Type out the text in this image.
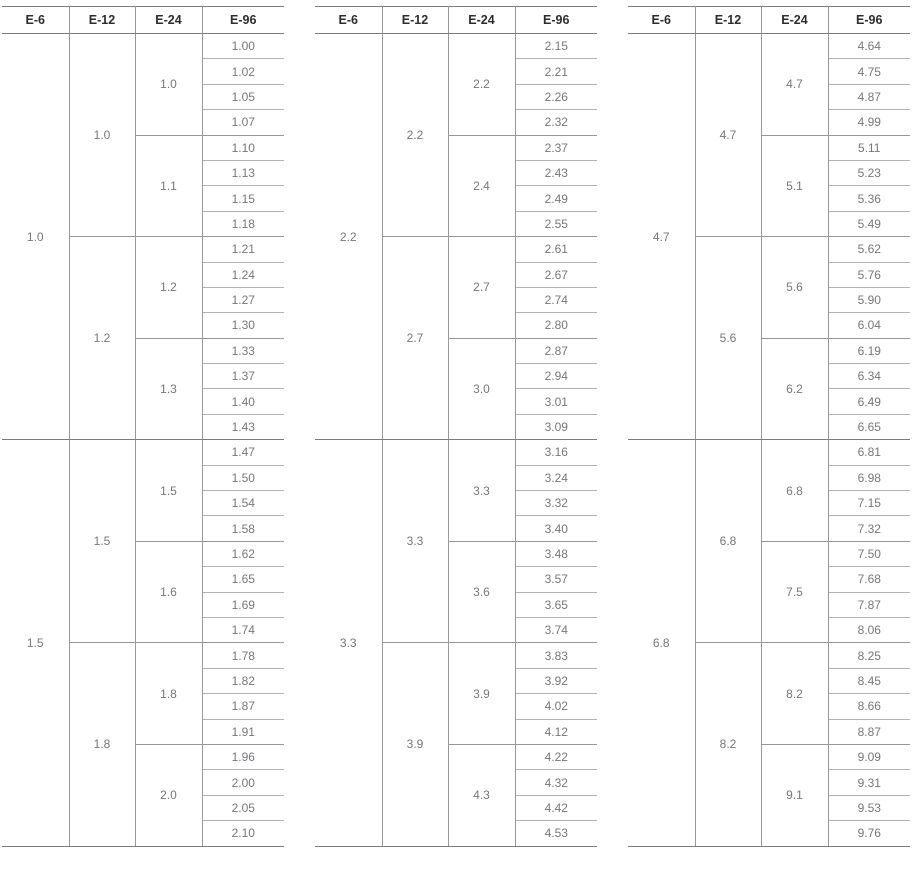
E-6	E-12	E-24	E-96
1.0	1.0	1.0	1.00
			1.02
			1.05
			1.07
		1.1	1.10
			1.13
			1.15
			1.18
	1.2	1.2	1.21
			1.24
			1.27
			1.30
		1.3	1.33
			1.37
			1.40
			1.43
1.5	1.5	1.5	1.47
			1.50
			1.54
			1.58
		1.6	1.62
			1.65
			1.69
			1.74
	1.8	1.8	1.78
			1.82
			1.87
			1.91
		2.0	1.96
			2.00
			2.05
			2.10
E-6	E-12	E-24	E-96
2.2	2.2	2.2	2.15
			2.21
			2.26
			2.32
		2.4	2.37
			2.43
			2.49
			2.55
	2.7	2.7	2.61
			2.67
			2.74
			2.80
		3.0	2.87
			2.94
			3.01
			3.09
3.3	3.3	3.3	3.16
			3.24
			3.32
			3.40
		3.6	3.48
			3.57
			3.65
			3.74
	3.9	3.9	3.83
			3.92
			4.02
			4.12
		4.3	4.22
			4.32
			4.42
			4.53
E-6	E-12	E-24	E-96
4.7	4.7	4.7	4.64
			4.75
			4.87
			4.99
		5.1	5.11
			5.23
			5.36
			5.49
	5.6	5.6	5.62
			5.76
			5.90
			6.04
		6.2	6.19
			6.34
			6.49
			6.65
6.8	6.8	6.8	6.81
			6.98
			7.15
			7.32
		7.5	7.50
			7.68
			7.87
			8.06
	8.2	8.2	8.25
			8.45
			8.66
			8.87
		9.1	9.09
			9.31
			9.53
			9.76
